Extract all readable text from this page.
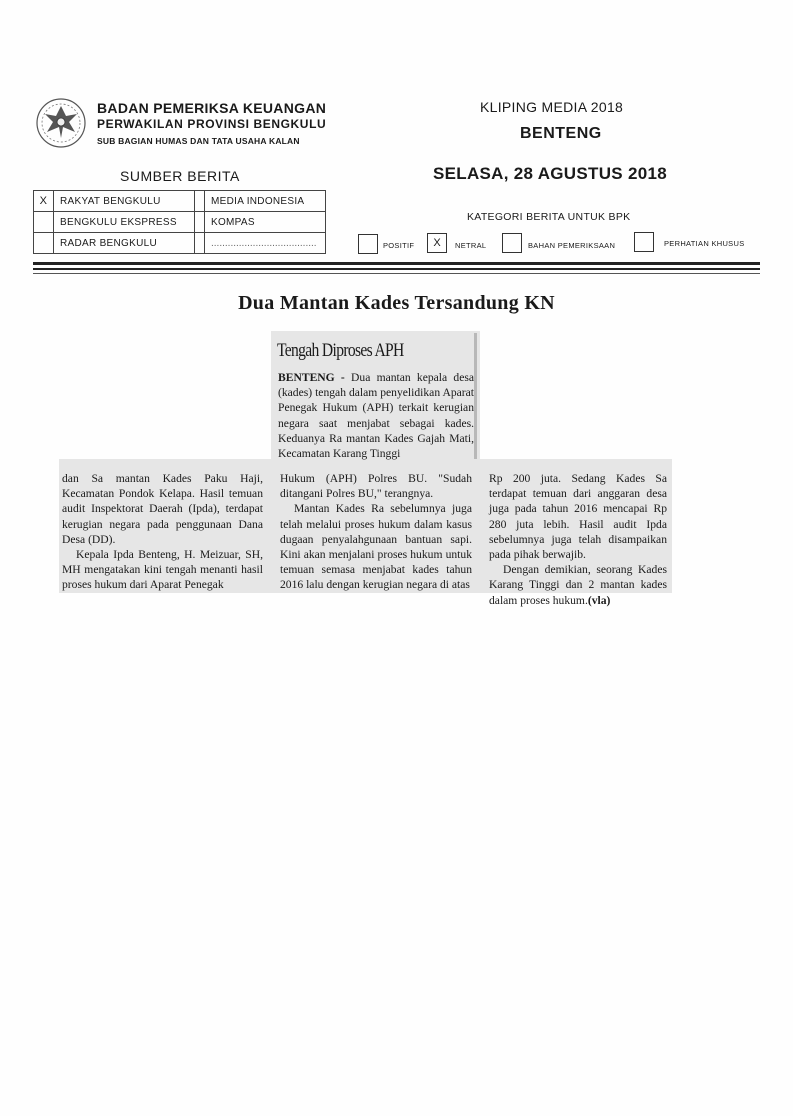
BADAN PEMERIKSA KEUANGAN
PERWAKILAN PROVINSI BENGKULU
SUB BAGIAN HUMAS DAN TATA USAHA KALAN
KLIPING MEDIA 2018
BENTENG
SUMBER BERITA	SELASA, 28 AGUSTUS 2018
X	RAKYAT BENGKULU		MEDIA INDONESIA
	BENGKULU EKSPRESS		KOMPAS
	RADAR BENGKULU		......................................
KATEGORI BERITA UNTUK BPK
POSITIF	X	NETRAL	BAHAN PEMERIKSAAN	PERHATIAN KHUSUS
Dua Mantan Kades Tersandung KN
Tengah Diproses APH
BENTENG - Dua mantan kepala desa (kades) tengah dalam penyelidikan Aparat Penegak Hukum (APH) terkait kerugian negara saat menjabat sebagai kades. Keduanya Ra mantan Kades Gajah Mati, Kecamatan Karang Tinggi
dan Sa mantan Kades Paku Haji, Kecamatan Pondok Kelapa. Hasil temuan audit Inspektorat Daerah (Ipda), terdapat kerugian negara pada penggunaan Dana Desa (DD).
Kepala Ipda Benteng, H. Meizuar, SH, MH mengatakan kini tengah menanti hasil proses hukum dari Aparat Penegak
Hukum (APH) Polres BU. "Sudah ditangani Polres BU," terangnya.
Mantan Kades Ra sebelumnya juga telah melalui proses hukum dalam kasus dugaan penyalahgunaan bantuan sapi. Kini akan menjalani proses hukum untuk temuan semasa menjabat kades tahun 2016 lalu dengan kerugian negara di atas
Rp 200 juta. Sedang Kades Sa terdapat temuan dari anggaran desa juga pada tahun 2016 mencapai Rp 280 juta lebih. Hasil audit Ipda sebelumnya juga telah disampaikan pada pihak berwajib.
Dengan demikian, seorang Kades Karang Tinggi dan 2 mantan kades dalam proses hukum.(vla)
